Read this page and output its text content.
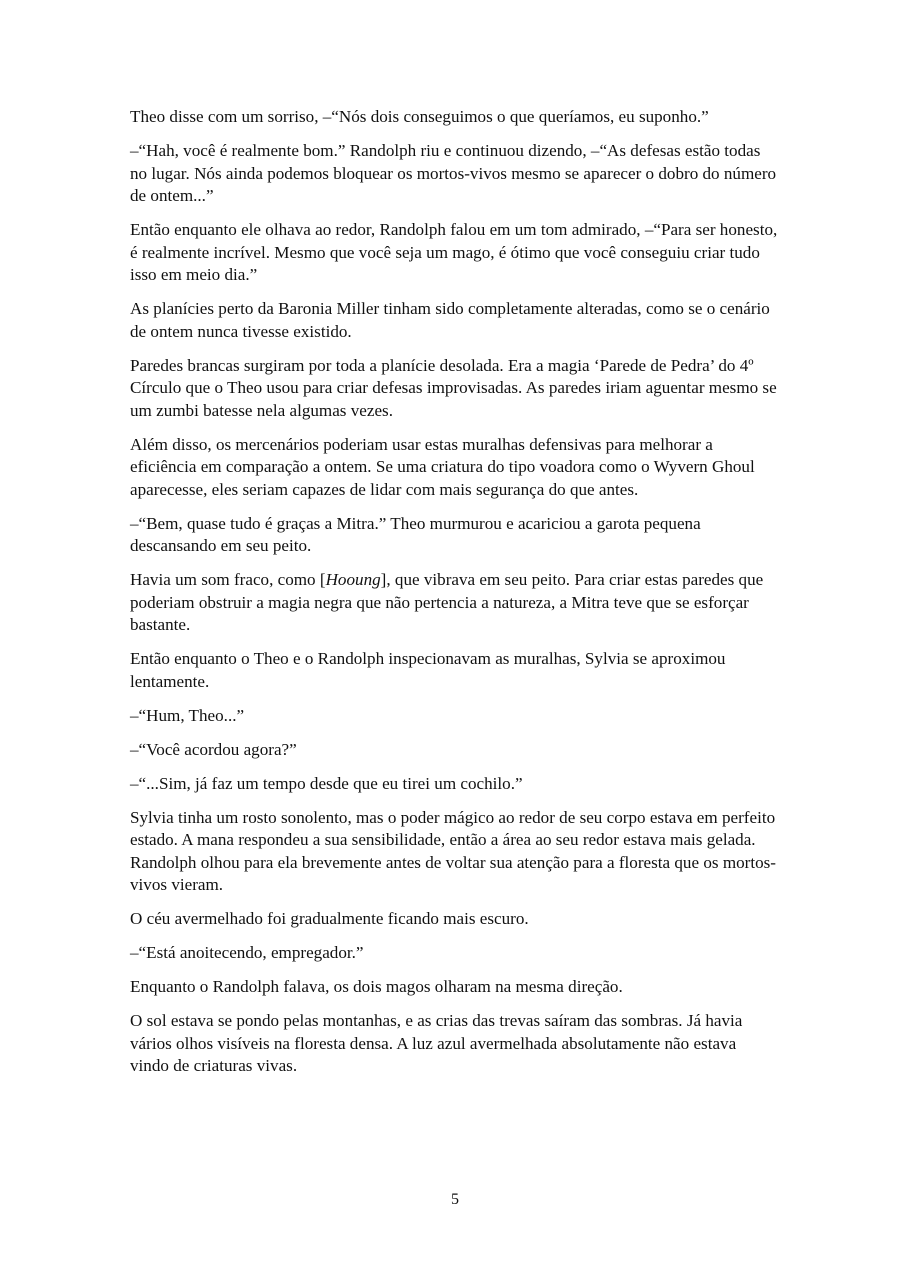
Theo disse com um sorriso, –“Nós dois conseguimos o que queríamos, eu suponho.”

–“Hah, você é realmente bom.” Randolph riu e continuou dizendo, –“As defesas estão todas no lugar. Nós ainda podemos bloquear os mortos-vivos mesmo se aparecer o dobro do número de ontem...”

Então enquanto ele olhava ao redor, Randolph falou em um tom admirado, –“Para ser honesto, é realmente incrível. Mesmo que você seja um mago, é ótimo que você conseguiu criar tudo isso em meio dia.”

As planícies perto da Baronia Miller tinham sido completamente alteradas, como se o cenário de ontem nunca tivesse existido.

Paredes brancas surgiram por toda a planície desolada. Era a magia ‘Parede de Pedra’ do 4º Círculo que o Theo usou para criar defesas improvisadas. As paredes iriam aguentar mesmo se um zumbi batesse nela algumas vezes.

Além disso, os mercenários poderiam usar estas muralhas defensivas para melhorar a eficiência em comparação a ontem. Se uma criatura do tipo voadora como o Wyvern Ghoul aparecesse, eles seriam capazes de lidar com mais segurança do que antes.

–“Bem, quase tudo é graças a Mitra.” Theo murmurou e acariciou a garota pequena descansando em seu peito.

Havia um som fraco, como [Hooung], que vibrava em seu peito. Para criar estas paredes que poderiam obstruir a magia negra que não pertencia a natureza, a Mitra teve que se esforçar bastante.

Então enquanto o Theo e o Randolph inspecionavam as muralhas, Sylvia se aproximou lentamente.

–“Hum, Theo...”

–“Você acordou agora?”

–“...Sim, já faz um tempo desde que eu tirei um cochilo.”

Sylvia tinha um rosto sonolento, mas o poder mágico ao redor de seu corpo estava em perfeito estado. A mana respondeu a sua sensibilidade, então a área ao seu redor estava mais gelada. Randolph olhou para ela brevemente antes de voltar sua atenção para a floresta que os mortos-vivos vieram.

O céu avermelhado foi gradualmente ficando mais escuro.

–“Está anoitecendo, empregador.”

Enquanto o Randolph falava, os dois magos olharam na mesma direção.

O sol estava se pondo pelas montanhas, e as crias das trevas saíram das sombras. Já havia vários olhos visíveis na floresta densa. A luz azul avermelhada absolutamente não estava vindo de criaturas vivas.

5
